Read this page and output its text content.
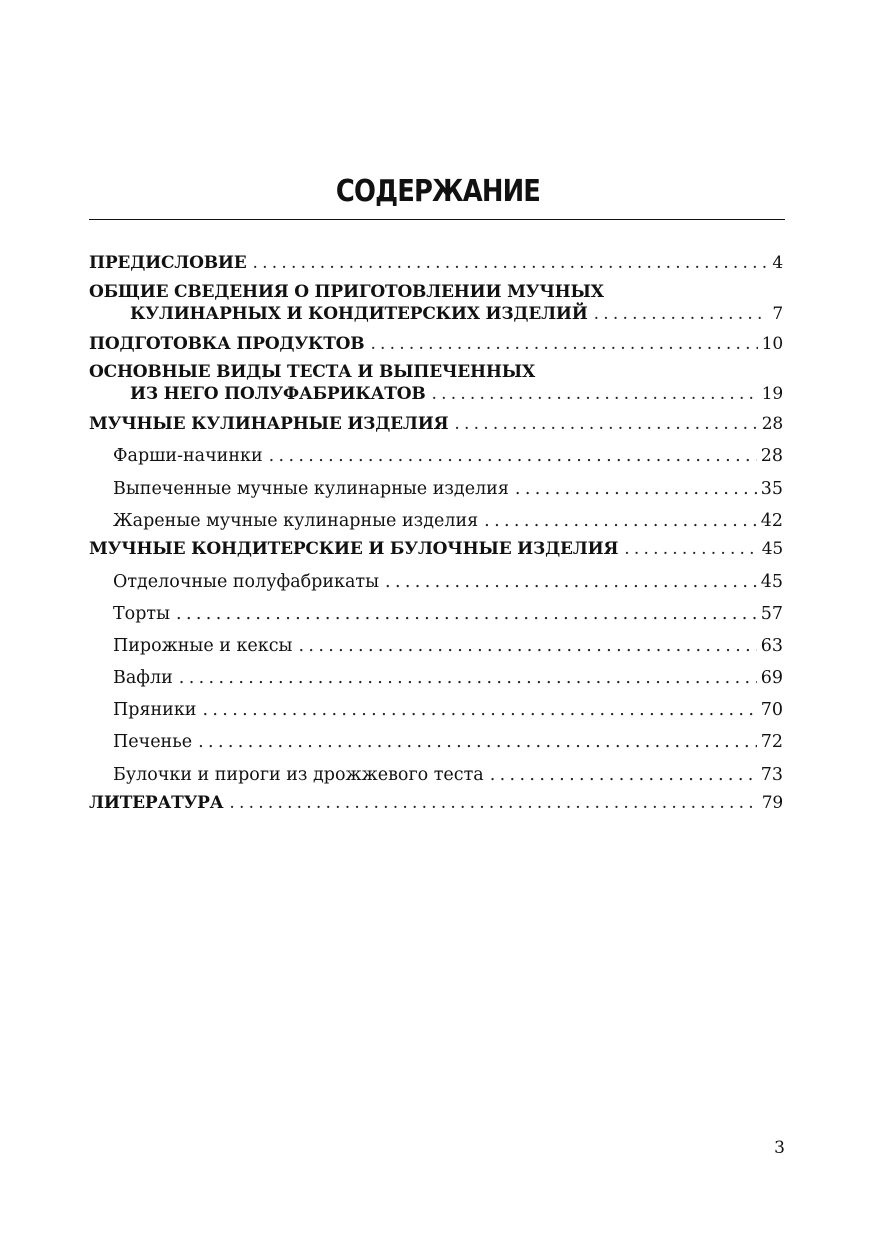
СОДЕРЖАНИЕ
ПРЕДИСЛОВИЕ . . .	4
ОБЩИЕ СВЕДЕНИЯ О ПРИГОТОВЛЕНИИ МУЧНЫХ
КУЛИНАРНЫХ И КОНДИТЕРСКИХ ИЗДЕЛИЙ . . .	7
ПОДГОТОВКА ПРОДУКТОВ . . .	10
ОСНОВНЫЕ ВИДЫ ТЕСТА И ВЫПЕЧЕННЫХ
ИЗ НЕГО ПОЛУФАБРИКАТОВ . . .	19
МУЧНЫЕ КУЛИНАРНЫЕ ИЗДЕЛИЯ . . .	28
Фарши-начинки . . .	28
Выпеченные мучные кулинарные изделия . . .	35
Жареные мучные кулинарные изделия . . .	42
МУЧНЫЕ КОНДИТЕРСКИЕ И БУЛОЧНЫЕ ИЗДЕЛИЯ . . .	45
Отделочные полуфабрикаты . . .	45
Торты . . .	57
Пирожные и кексы . . .	63
Вафли . . .	69
Пряники . . .	70
Печенье . . .	72
Булочки и пироги из дрожжевого теста . . .	73
ЛИТЕРАТУРА . . .	79
3
